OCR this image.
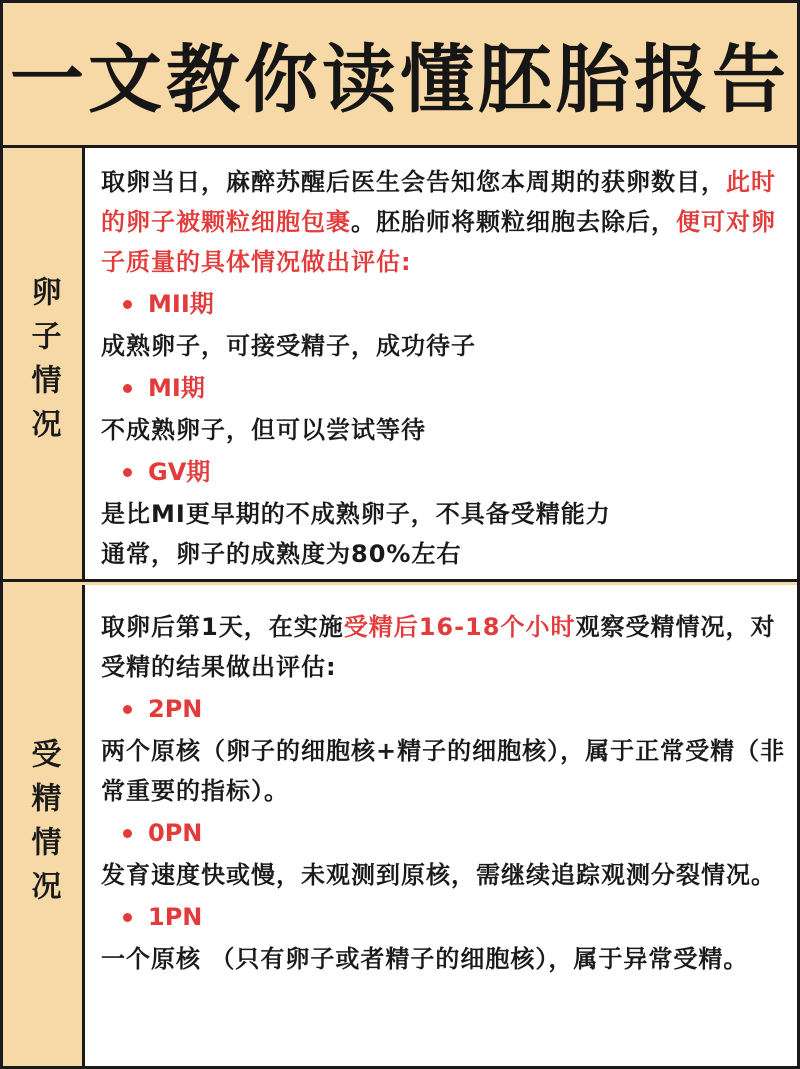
一文教你读懂胚胎报告
卵子情况

取卵当日，麻醉苏醒后医生会告知您本周期的获卵数目，此时的卵子被颗粒细胞包裹。胚胎师将颗粒细胞去除后，便可对卵子质量的具体情况做出评估:

MII期

成熟卵子，可接受精子，成功待子

MI期

不成熟卵子，但可以尝试等待

GV期

是比MI更早期的不成熟卵子，不具备受精能力

通常，卵子的成熟度为80%左右

受精情况

取卵后第1天，在实施受精后16-18个小时观察受精情况，对受精的结果做出评估:

2PN

两个原核（卵子的细胞核+精子的细胞核），属于正常受精（非常重要的指标）。

0PN

发育速度快或慢，未观测到原核，需继续追踪观测分裂情况。

1PN

一个原核 （只有卵子或者精子的细胞核），属于异常受精。
